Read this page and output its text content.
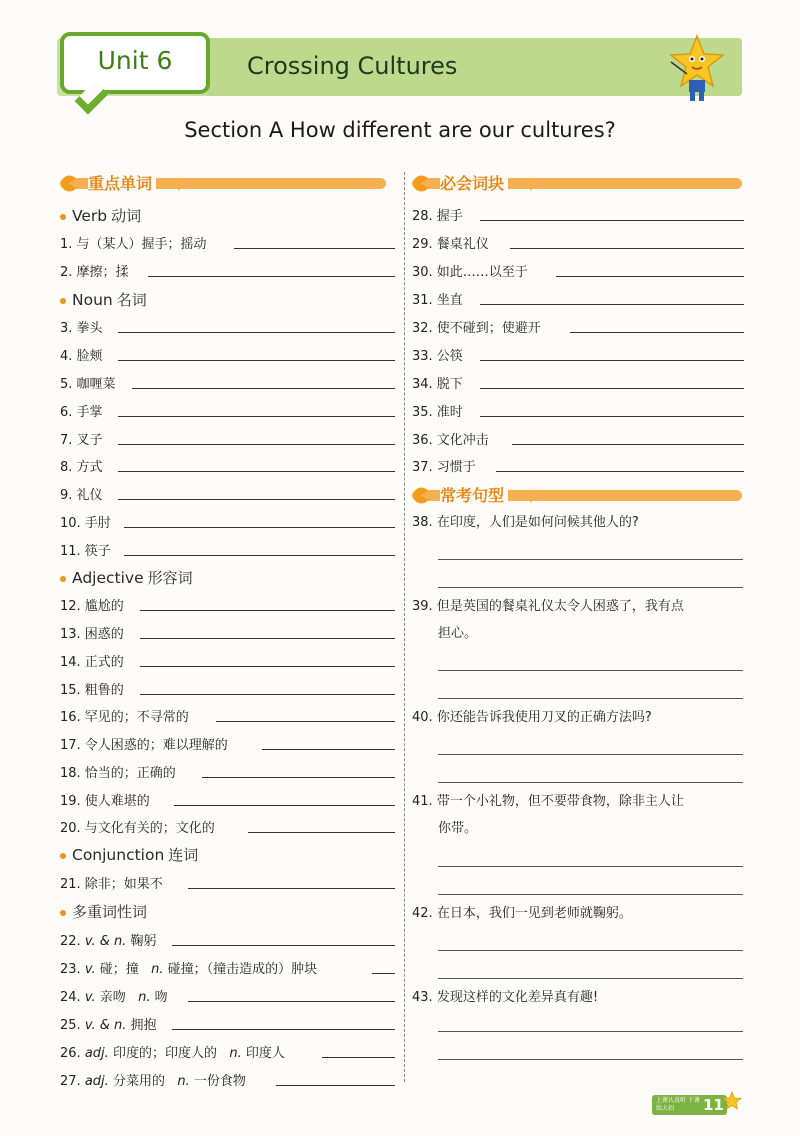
Unit 6	Crossing Cultures
Section A How different are our cultures?
重点单词
Verb 动词
Noun 名词
Adjective 形容词
Conjunction 连词
多重词性词
1. 与（某人）握手；摇动
2. 摩擦；揉
3. 拳头
4. 脸颊
5. 咖喱菜
6. 手掌
7. 叉子
8. 方式
9. 礼仪
10. 手肘
11. 筷子
12. 尴尬的
13. 困惑的
14. 正式的
15. 粗鲁的
16. 罕见的；不寻常的
17. 令人困惑的；难以理解的
18. 恰当的；正确的
19. 使人难堪的
20. 与文化有关的；文化的
21. 除非；如果不
22. v. & n. 鞠躬
23. v. 碰；撞 n. 碰撞；（撞击造成的）肿块
24. v. 亲吻 n. 吻
25. v. & n. 拥抱
26. adj. 印度的；印度人的 n. 印度人
27. adj. 分菜用的 n. 一份食物
必会词块
28. 握手
29. 餐桌礼仪
30. 如此……以至于
31. 坐直
32. 使不碰到；使避开
33. 公筷
34. 脱下
35. 准时
36. 文化冲击
37. 习惯于
常考句型
38. 在印度，人们是如何问候其他人的?
39. 但是英国的餐桌礼仪太令人困惑了，我有点
担心。
40. 你还能告诉我使用刀叉的正确方法吗?
41. 带一个小礼物，但不要带食物，除非主人让
你带。
42. 在日本，我们一见到老师就鞠躬。
43. 发现这样的文化差异真有趣!
上课认真听 下课练大招	11
